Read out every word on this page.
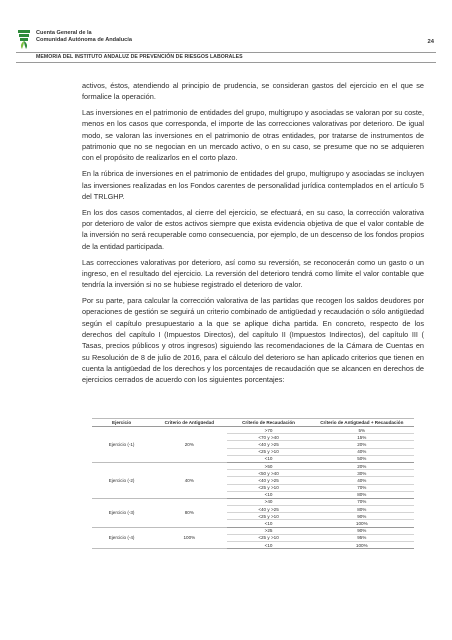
Cuenta General de la
Comunidad Autónoma de Andalucía	24
MEMORIA DEL INSTITUTO ANDALUZ DE PREVENCIÓN DE RIESGOS LABORALES

activos, éstos, atendiendo al principio de prudencia, se consideran gastos del ejercicio en el que se formalice la operación.

Las inversiones en el patrimonio de entidades del grupo, multigrupo y asociadas se valoran por su coste, menos en los casos que corresponda, el importe de las correcciones valorativas por deterioro. De igual modo, se valoran las inversiones en el patrimonio de otras entidades, por tratarse de instrumentos de patrimonio que no se negocian en un mercado activo, o en su caso, se presume que no se adquieren con el propósito de realizarlos en el corto plazo.

En la rúbrica de inversiones en el patrimonio de entidades del grupo, multigrupo y asociadas se incluyen las inversiones realizadas en los Fondos carentes de personalidad jurídica contemplados en el artículo 5 del TRLGHP.

En los dos casos comentados, al cierre del ejercicio, se efectuará, en su caso, la corrección valorativa por deterioro de valor de estos activos siempre que exista evidencia objetiva de que el valor contable de la inversión no será recuperable como consecuencia, por ejemplo, de un descenso de los fondos propios de la entidad participada.

Las correcciones valorativas por deterioro, así como su reversión, se reconocerán como un gasto o un ingreso, en el resultado del ejercicio. La reversión del deterioro tendrá como límite el valor contable que tendría la inversión si no se hubiese registrado el deterioro de valor.

Por su parte, para calcular la corrección valorativa de las partidas que recogen los saldos deudores por operaciones de gestión se seguirá un criterio combinado de antigüedad y recaudación o sólo antigüedad según el capítulo presupuestario a la que se aplique dicha partida. En concreto, respecto de los derechos del capítulo I (Impuestos Directos), del capítulo II (Impuestos Indirectos), del capítulo III ( Tasas, precios públicos y otros ingresos) siguiendo las recomendaciones de la Cámara de Cuentas en su Resolución de 8 de julio de 2016, para el cálculo del deterioro se han aplicado criterios que tienen en cuenta la antigüedad de los derechos y los porcentajes de recaudación que se alcancen en derechos de ejercicios cerrados de acuerdo con los siguientes porcentajes:

Ejercicio	Criterio de Antigüedad	Criterio de Recaudación	Criterio de Antigüedad + Recaudación
Ejercicio (-1)	20%	>70	5%
		<70 y >40	15%
		<40 y >25	20%
		<25 y >10	40%
		<10	50%
Ejercicio (-2)	40%	>50	20%
		<50 y >40	30%
		<40 y >25	40%
		<25 y >10	70%
		<10	80%
Ejercicio (-3)	80%	>40	70%
		<40 y >25	80%
		<25 y >10	90%
		<10	100%
Ejercicio (-4)	100%	>25	90%
		<25 y >10	95%
		<10	100%
